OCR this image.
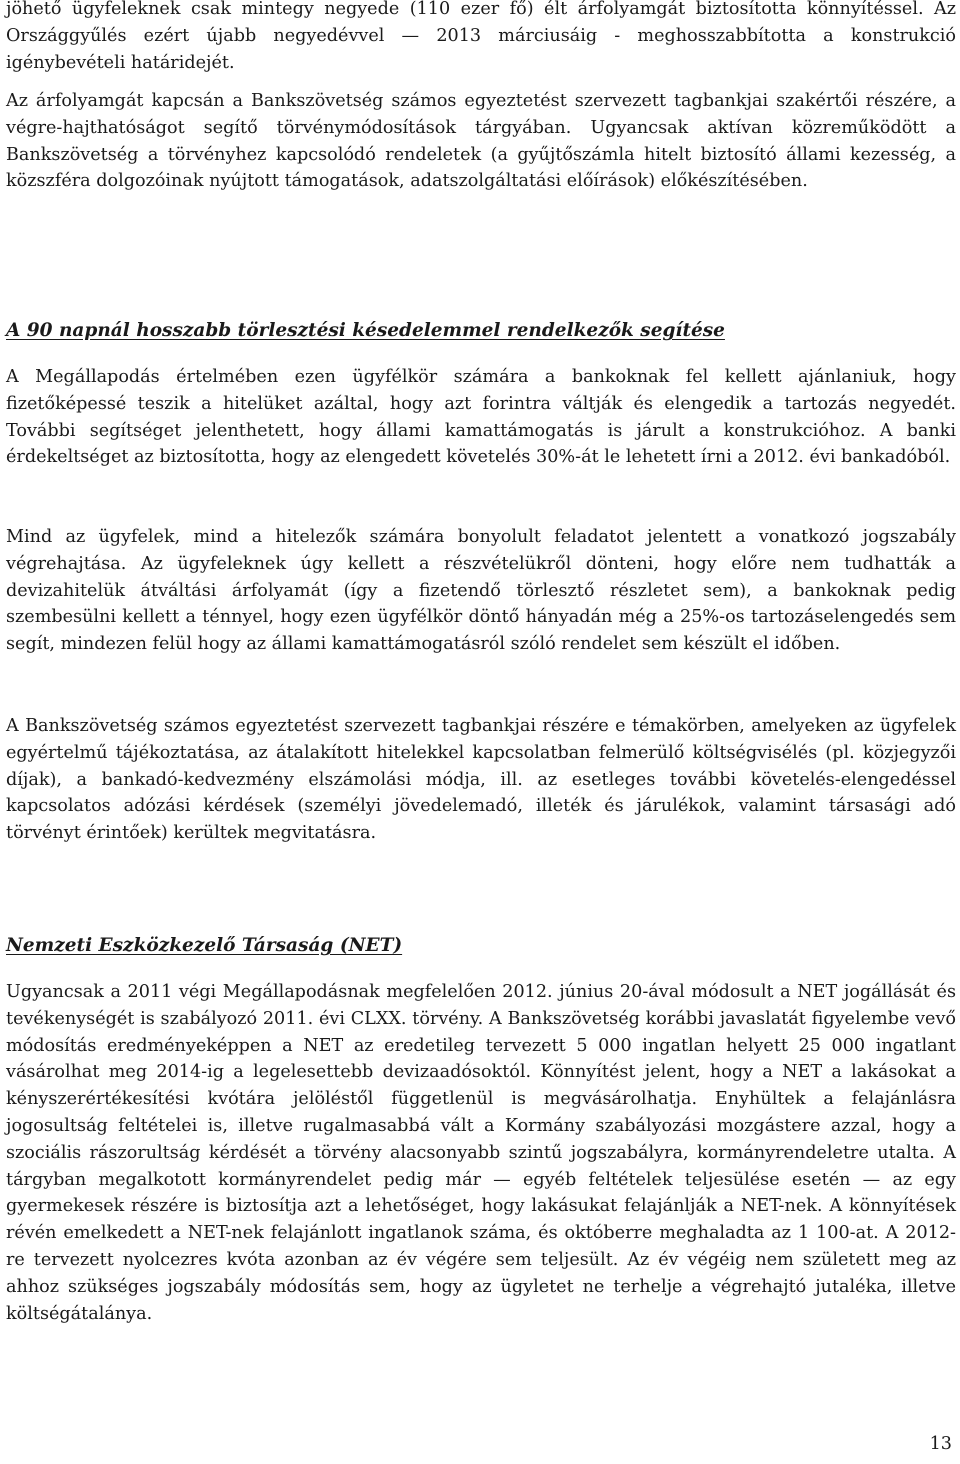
jöhető ügyfeleknek csak mintegy negyede (110 ezer fő) élt árfolyamgát biztosította könnyítéssel. Az Országgyűlés ezért újabb negyedévvel — 2013 márciusáig - meghosszabbította a konstrukció igénybevételi határidejét.

Az árfolyamgát kapcsán a Bankszövetség számos egyeztetést szervezett tagbankjai szakértői részére, a végre-hajthatóságot segítő törvénymódosítások tárgyában. Ugyancsak aktívan közreműködött a Bankszövetség a törvényhez kapcsolódó rendeletek (a gyűjtőszámla hitelt biztosító állami kezesség, a közszféra dolgozóinak nyújtott támogatások, adatszolgáltatási előírások) előkészítésében.

A 90 napnál hosszabb törlesztési késedelemmel rendelkezők segítése

A Megállapodás értelmében ezen ügyfélkör számára a bankoknak fel kellett ajánlaniuk, hogy fizetőképessé teszik a hitelüket azáltal, hogy azt forintra váltják és elengedik a tartozás negyedét. További segítséget jelenthetett, hogy állami kamattámogatás is járult a konstrukcióhoz. A banki érdekeltséget az biztosította, hogy az elengedett követelés 30%-át le lehetett írni a 2012. évi bankadóból.

Mind az ügyfelek, mind a hitelezők számára bonyolult feladatot jelentett a vonatkozó jogszabály végrehajtása. Az ügyfeleknek úgy kellett a részvételükről dönteni, hogy előre nem tudhatták a devizahitelük átváltási árfolyamát (így a fizetendő törlesztő részletet sem), a bankoknak pedig szembesülni kellett a ténnyel, hogy ezen ügyfélkör döntő hányadán még a 25%-os tartozáselengedés sem segít, mindezen felül hogy az állami kamattámogatásról szóló rendelet sem készült el időben.

A Bankszövetség számos egyeztetést szervezett tagbankjai részére e témakörben, amelyeken az ügyfelek egyértelmű tájékoztatása, az átalakított hitelekkel kapcsolatban felmerülő költségvisélés (pl. közjegyzői díjak), a bankadó-kedvezmény elszámolási módja, ill. az esetleges további követelés-elengedéssel kapcsolatos adózási kérdések (személyi jövedelemadó, illeték és járulékok, valamint társasági adó törvényt érintőek) kerültek megvitatásra.

Nemzeti Eszközkezelő Társaság (NET)

Ugyancsak a 2011 végi Megállapodásnak megfelelően 2012. június 20-ával módosult a NET jogállását és tevékenységét is szabályozó 2011. évi CLXX. törvény. A Bankszövetség korábbi javaslatát figyelembe vevő módosítás eredményeképpen a NET az eredetileg tervezett 5 000 ingatlan helyett 25 000 ingatlant vásárolhat meg 2014-ig a legelesettebb devizaadósoktól. Könnyítést jelent, hogy a NET a lakásokat a kényszerértékesítési kvótára jelöléstől függetlenül is megvásárolhatja. Enyhültek a felajánlásra jogosultság feltételei is, illetve rugalmasabbá vált a Kormány szabályozási mozgástere azzal, hogy a szociális rászorultság kérdését a törvény alacsonyabb szintű jogszabályra, kormányrendeletre utalta. A tárgyban megalkotott kormányrendelet pedig már — egyéb feltételek teljesülése esetén — az egy gyermekesek részére is biztosítja azt a lehetőséget, hogy lakásukat felajánlják a NET-nek. A könnyítések révén emelkedett a NET-nek felajánlott ingatlanok száma, és októberre meghaladta az 1 100-at. A 2012-re tervezett nyolcezres kvóta azonban az év végére sem teljesült. Az év végéig nem született meg az ahhoz szükséges jogszabály módosítás sem, hogy az ügyletet ne terhelje a végrehajtó jutaléka, illetve költségátalánya.

13
